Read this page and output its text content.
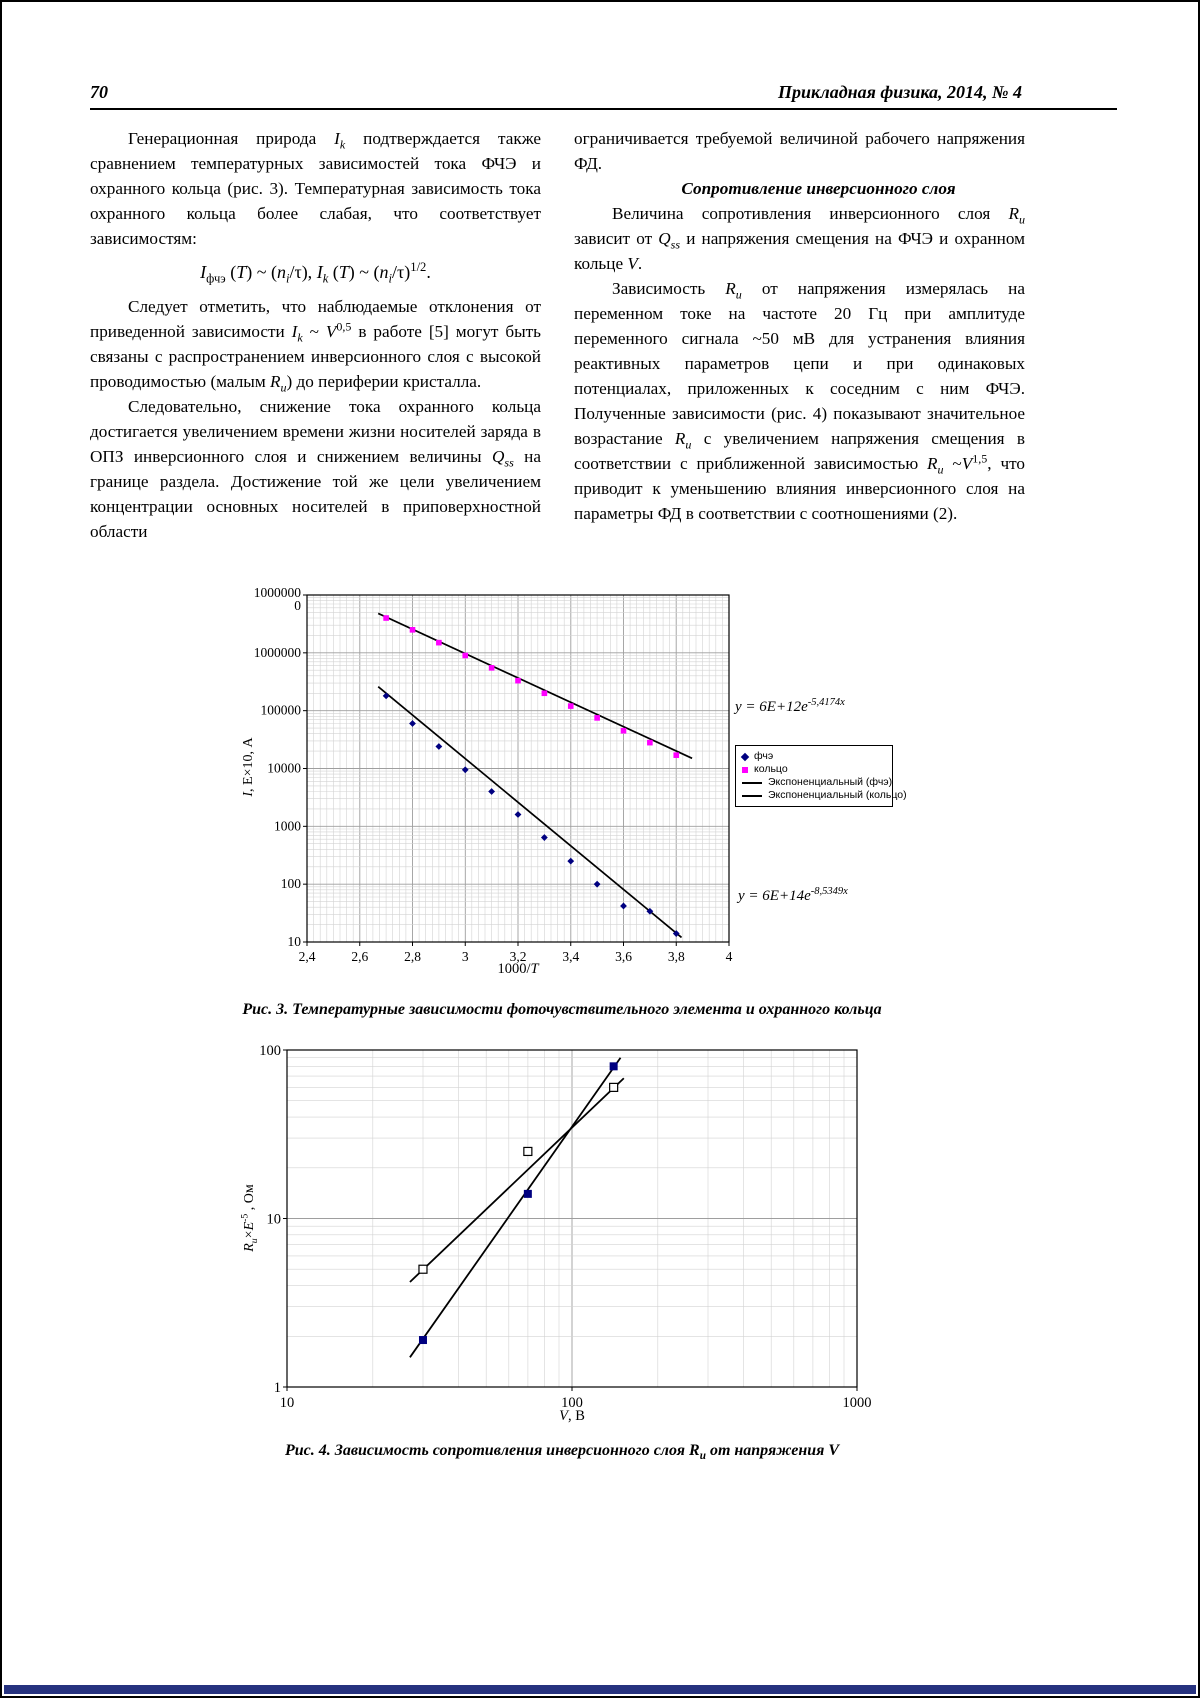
70	Прикладная физика, 2014, № 4

Генерационная природа $I_k$ подтверждается также сравнением температурных зависимостей тока ФЧЭ и охранного кольца (рис. 3). Температурная зависимость тока охранного кольца более слабая, что соответствует зависимостям:

$I_{фчэ}$ (T) ~ $(n_i/\tau)$, $I_k$ (T) ~ $(n_i/\tau)^{1/2}$.

Следует отметить, что наблюдаемые отклонения от приведенной зависимости $I_k$ ~ V$^{0,5}$ в работе [5] могут быть связаны с распространением инверсионного слоя с высокой проводимостью (малым $R_и$) до периферии кристалла.

Следовательно, снижение тока охранного кольца достигается увеличением времени жизни носителей заряда в ОПЗ инверсионного слоя и снижением величины $Q_{ss}$ на границе раздела. Достижение той же цели увеличением концентрации основных носителей в приповерхностной области

ограничивается требуемой величиной рабочего напряжения ФД.

Сопротивление инверсионного слоя

Величина сопротивления инверсионного слоя $R_и$ зависит от $Q_{ss}$ и напряжения смещения на ФЧЭ и охранном кольце V.

Зависимость $R_и$ от напряжения измерялась на переменном токе на частоте 20 Гц при амплитуде переменного сигнала ~50 мВ для устранения влияния реактивных параметров цепи и при одинаковых потенциалах, приложенных к соседним с ним ФЧЭ. Полученные зависимости (рис. 4) показывают значительное возрастание $R_и$ с увеличением напряжения смещения в соответствии с приближенной зависимостью $R_и$ $\sim V^{1,5}$, что приводит к уменьшению влияния инверсионного слоя на параметры ФД в соответствии с соотношениями (2).

2,4	2,6	2,8	3	3,2	3,4	3,6	3,8	4
1000000
0
1000000
100000
10000
1000
100
10
I, E×10, А
1000/T
$y = 6E+12e^{-5,4174x}$
$y = 6E+14e^{-8,5349x}$
фчэ
кольцо
Экспоненциальный (фчэ)
Экспоненциальный (кольцо)
Рис. 3. Температурные зависимости фоточувствительного элемента и охранного кольца
10	100	1000
100
10
1
$R_и\times E^{-5}$ , Ом
V, В
Рис. 4. Зависимость сопротивления инверсионного слоя $R_и$ от напряжения V
